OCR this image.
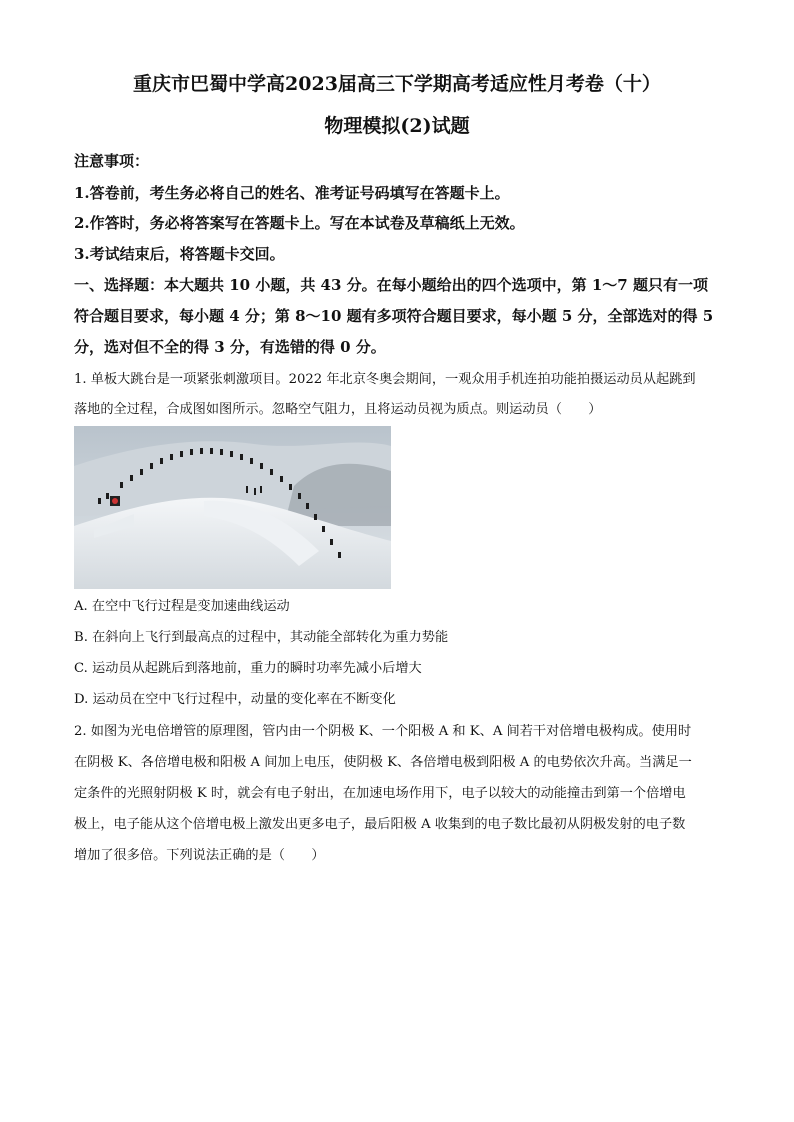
重庆市巴蜀中学高2023届高三下学期高考适应性月考卷（十）
物理模拟(2)试题
注意事项：
1.答卷前，考生务必将自己的姓名、准考证号码填写在答题卡上。
2.作答时，务必将答案写在答题卡上。写在本试卷及草稿纸上无效。
3.考试结束后，将答题卡交回。
一、选择题：本大题共 10 小题，共 43 分。在每小题给出的四个选项中，第 1～7 题只有一项
符合题目要求，每小题 4 分；第 8～10 题有多项符合题目要求，每小题 5 分，全部选对的得 5
分，选对但不全的得 3 分，有选错的得 0 分。
1. 单板大跳台是一项紧张刺激项目。2022 年北京冬奥会期间，一观众用手机连拍功能拍摄运动员从起跳到
落地的全过程，合成图如图所示。忽略空气阻力，且将运动员视为质点。则运动员（　　）
A. 在空中飞行过程是变加速曲线运动
B. 在斜向上飞行到最高点的过程中，其动能全部转化为重力势能
C. 运动员从起跳后到落地前，重力的瞬时功率先减小后增大
D. 运动员在空中飞行过程中，动量的变化率在不断变化
2. 如图为光电倍增管的原理图，管内由一个阴极 K、一个阳极 A 和 K、A 间若干对倍增电极构成。使用时
在阴极 K、各倍增电极和阳极 A 间加上电压，使阴极 K、各倍增电极到阳极 A 的电势依次升高。当满足一
定条件的光照射阴极 K 时，就会有电子射出，在加速电场作用下，电子以较大的动能撞击到第一个倍增电
极上，电子能从这个倍增电极上激发出更多电子，最后阳极 A 收集到的电子数比最初从阴极发射的电子数
增加了很多倍。下列说法正确的是（　　）
